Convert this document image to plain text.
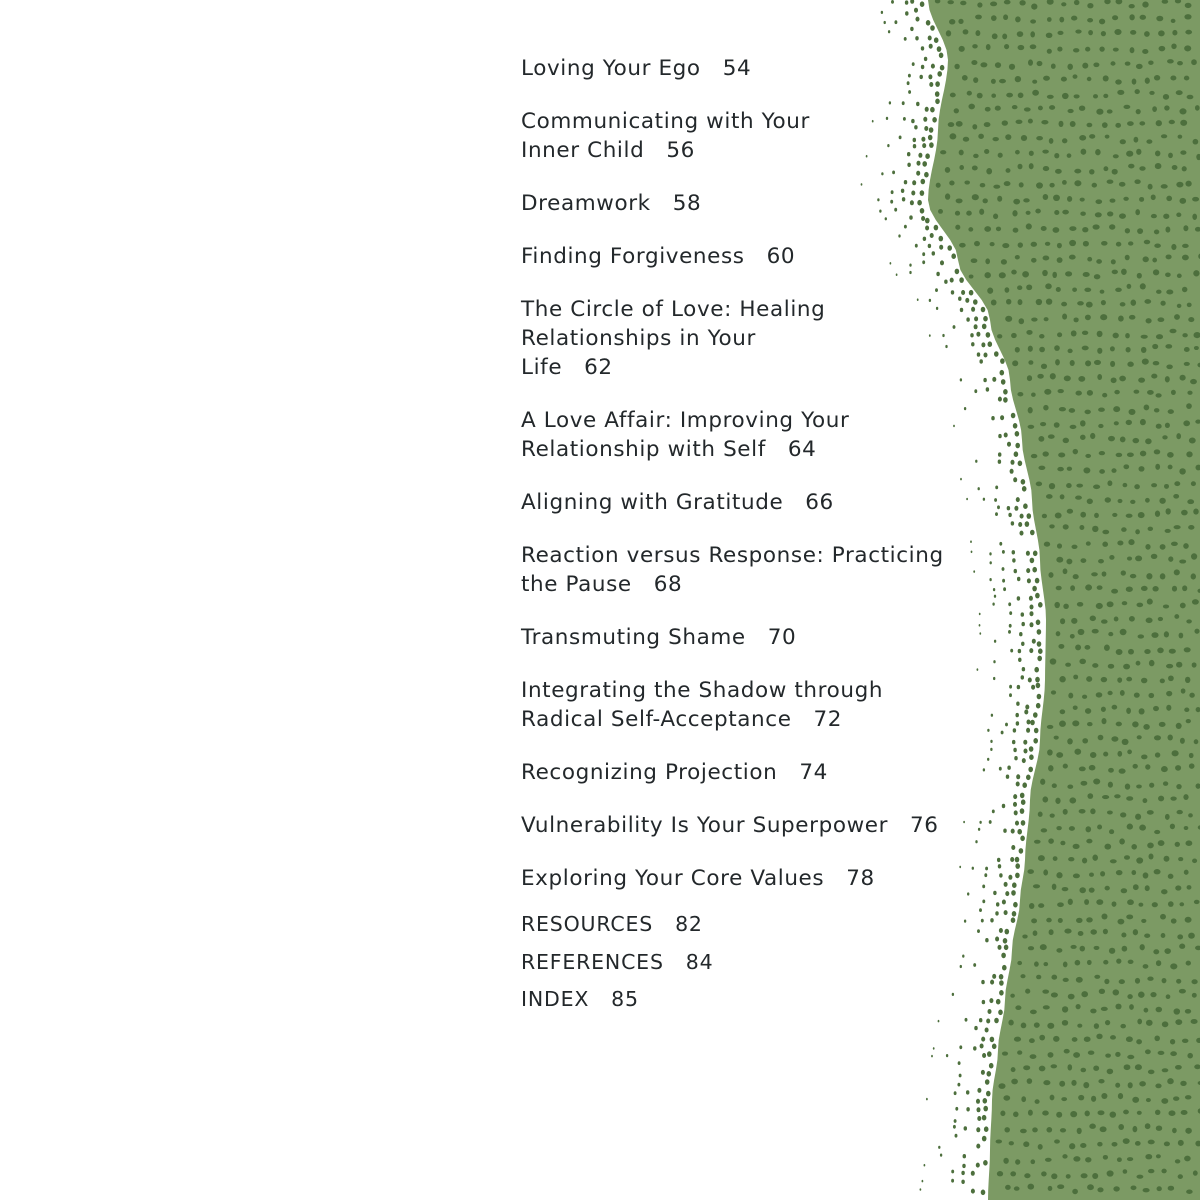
Loving Your Ego 54
Communicating with Your Inner Child 56
Dreamwork 58
Finding Forgiveness 60
The Circle of Love: Healing Relationships in Your Life 62
A Love Affair: Improving Your Relationship with Self 64
Aligning with Gratitude 66
Reaction versus Response: Practicing the Pause 68
Transmuting Shame 70
Integrating the Shadow through Radical Self-Acceptance 72
Recognizing Projection 74
Vulnerability Is Your Superpower 76
Exploring Your Core Values 78
RESOURCES 82
REFERENCES 84
INDEX 85
